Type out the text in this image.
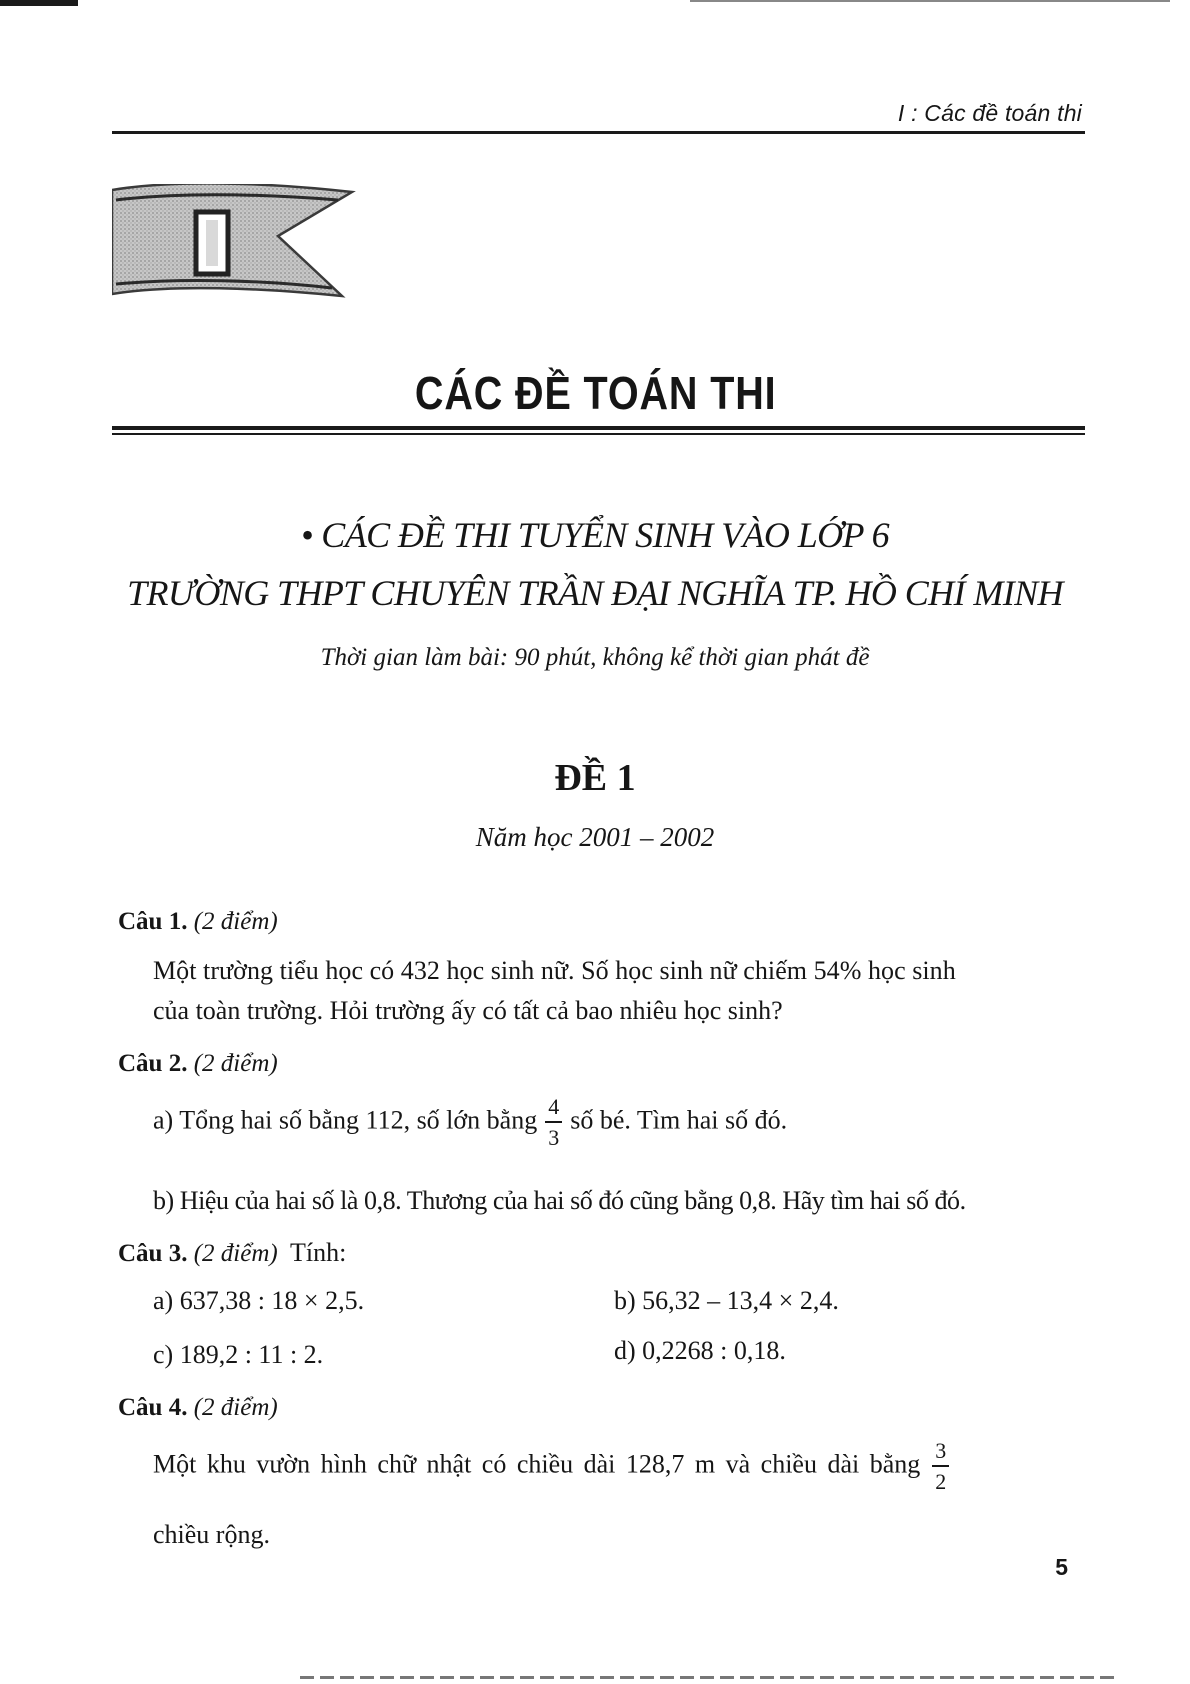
I : Các đề toán thi
CÁC ĐỀ TOÁN THI
• CÁC ĐỀ THI TUYỂN SINH VÀO LỚP 6
TRƯỜNG THPT CHUYÊN TRẦN ĐẠI NGHĨA TP. HỒ CHÍ MINH
Thời gian làm bài: 90 phút, không kể thời gian phát đề
ĐỀ 1
Năm học 2001 – 2002
Câu 1. (2 điểm)
Một trường tiểu học có 432 học sinh nữ. Số học sinh nữ chiếm 54% học sinh
của toàn trường. Hỏi trường ấy có tất cả bao nhiêu học sinh?
Câu 2. (2 điểm)
a) Tổng hai số bằng 112, số lớn bằng $\frac{4}{3}$ số bé. Tìm hai số đó.
b) Hiệu của hai số là 0,8. Thương của hai số đó cũng bằng 0,8. Hãy tìm hai số đó.
Câu 3. (2 điểm) Tính:
a) 637,38 : 18 × 2,5.	b) 56,32 – 13,4 × 2,4.
c) 189,2 : 11 : 2.	d) 0,2268 : 0,18.
Câu 4. (2 điểm)
Một khu vườn hình chữ nhật có chiều dài 128,7 m và chiều dài bằng $\frac{3}{2}$
chiều rộng.
5
